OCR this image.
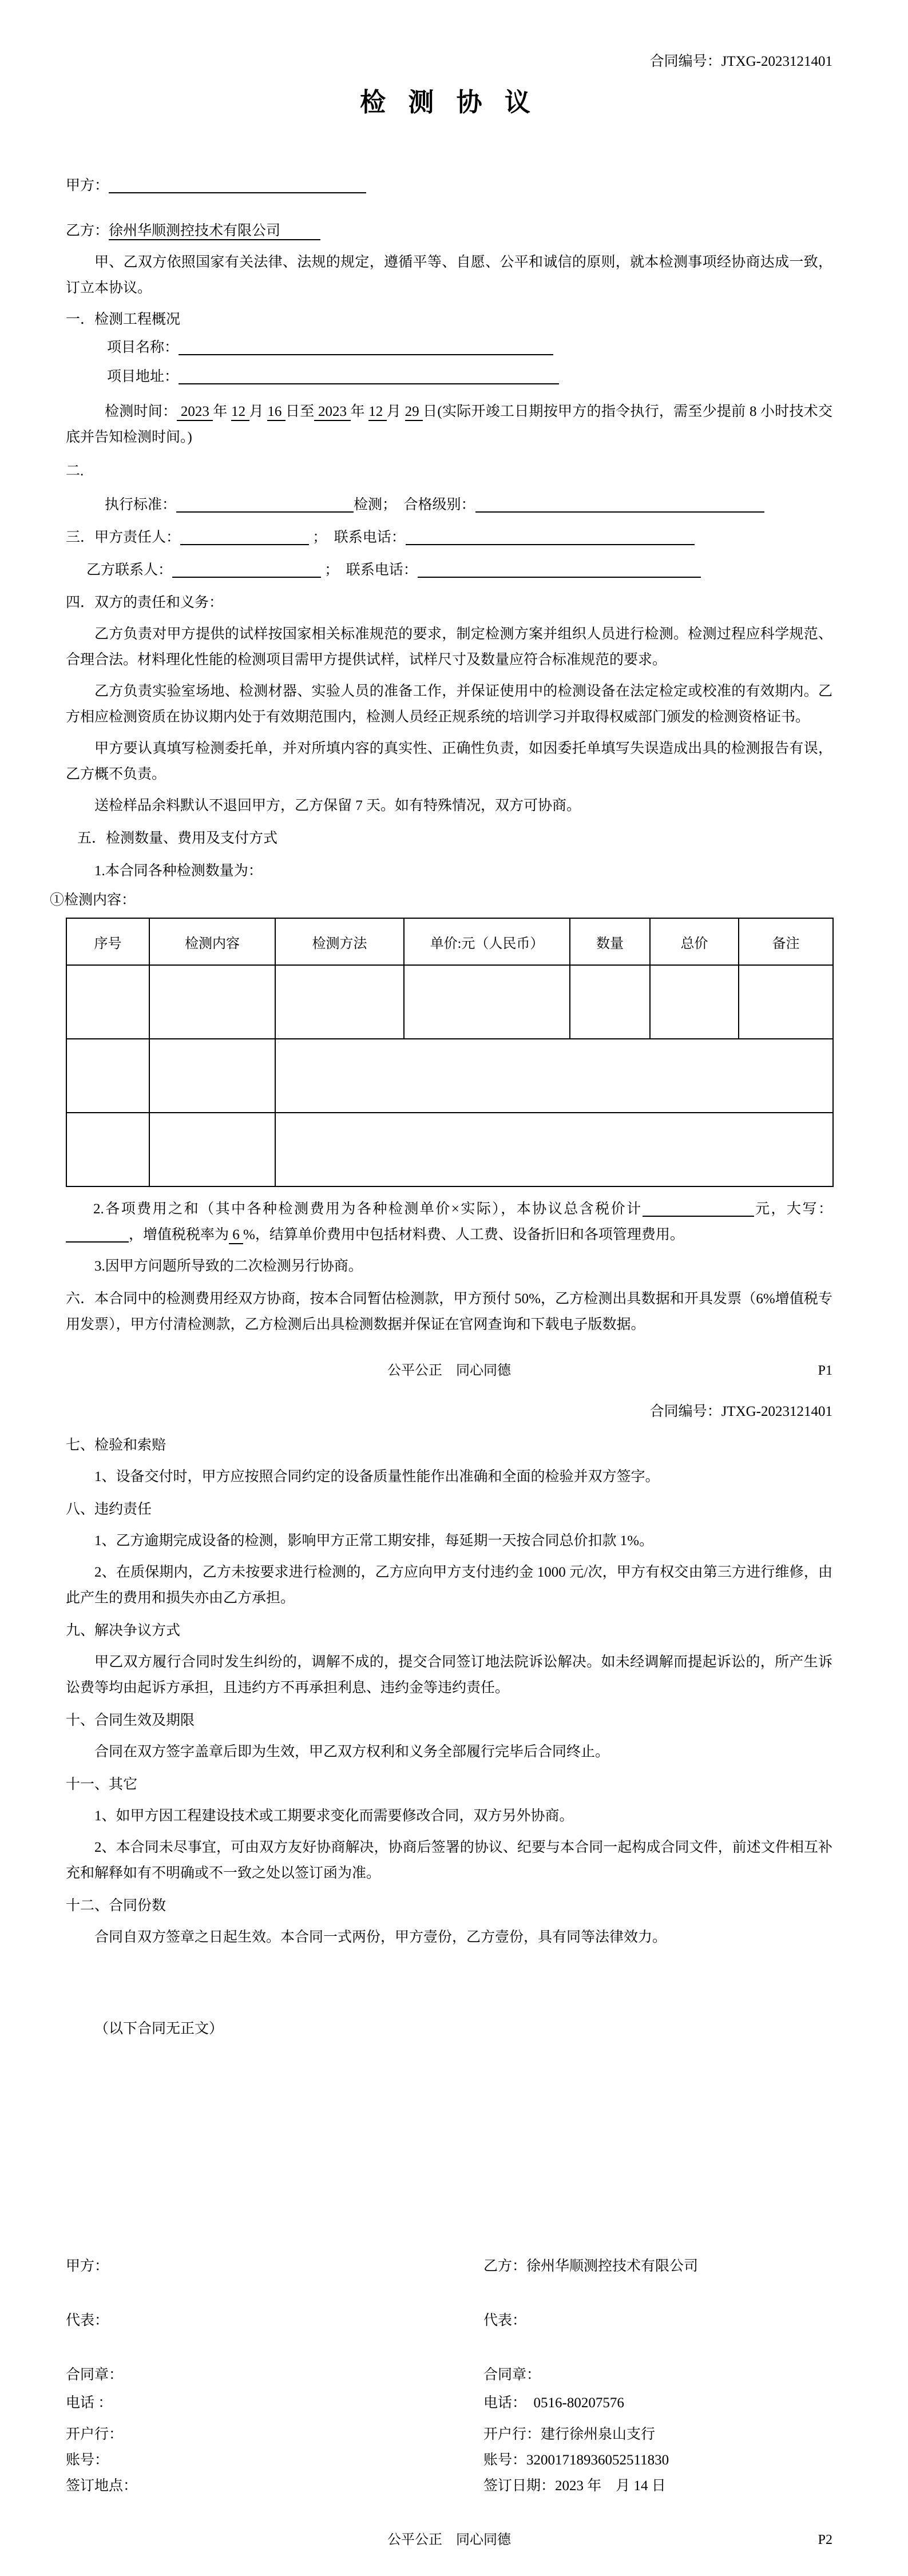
合同编号：JTXG-2023121401
检 测 协 议
甲方：
乙方：徐州华顺测控技术有限公司
甲、乙双方依照国家有关法律、法规的规定，遵循平等、自愿、公平和诚信的原则，就本检测事项经协商达成一致，订立本协议。
一．检测工程概况
项目名称：
项目地址：
检测时间： 2023 年 12 月 16 日至 2023 年 12 月 29 日(实际开竣工日期按甲方的指令执行，需至少提前 8 小时技术交底并告知检测时间。)
二.
执行标准：	检测；　合格级别：
三．甲方责任人：	；　联系电话：
乙方联系人：	；　联系电话：
四．双方的责任和义务：
乙方负责对甲方提供的试样按国家相关标准规范的要求，制定检测方案并组织人员进行检测。检测过程应科学规范、合理合法。材料理化性能的检测项目需甲方提供试样，试样尺寸及数量应符合标准规范的要求。
乙方负责实验室场地、检测材器、实验人员的准备工作，并保证使用中的检测设备在法定检定或校准的有效期内。乙方相应检测资质在协议期内处于有效期范围内，检测人员经正规系统的培训学习并取得权威部门颁发的检测资格证书。
甲方要认真填写检测委托单，并对所填内容的真实性、正确性负责，如因委托单填写失误造成出具的检测报告有误，乙方概不负责。
送检样品余料默认不退回甲方，乙方保留 7 天。如有特殊情况，双方可协商。
五．检测数量、费用及支付方式
1.本合同各种检测数量为：
①检测内容：
序号	检测内容	检测方法	单价:元（人民币）	数量	总价	备注

2.各项费用之和（其中各种检测费用为各种检测单价×实际），本协议总含税价计	元，大写：，增值税税率为 6 %，结算单价费用中包括材料费、人工费、设备折旧和各项管理费用。
3.因甲方问题所导致的二次检测另行协商。
六．本合同中的检测费用经双方协商，按本合同暂估检测款，甲方预付 50%，乙方检测出具数据和开具发票（6%增值税专用发票），甲方付清检测款，乙方检测后出具检测数据并保证在官网查询和下载电子版数据。
公平公正　同心同德	P1
合同编号：JTXG-2023121401
七、检验和索赔
1、设备交付时，甲方应按照合同约定的设备质量性能作出准确和全面的检验并双方签字。
八、违约责任
1、乙方逾期完成设备的检测，影响甲方正常工期安排，每延期一天按合同总价扣款 1%。
2、在质保期内，乙方未按要求进行检测的，乙方应向甲方支付违约金 1000 元/次，甲方有权交由第三方进行维修，由此产生的费用和损失亦由乙方承担。
九、解决争议方式
甲乙双方履行合同时发生纠纷的，调解不成的，提交合同签订地法院诉讼解决。如未经调解而提起诉讼的，所产生诉讼费等均由起诉方承担，且违约方不再承担利息、违约金等违约责任。
十、合同生效及期限
合同在双方签字盖章后即为生效，甲乙双方权利和义务全部履行完毕后合同终止。
十一、其它
1、如甲方因工程建设技术或工期要求变化而需要修改合同，双方另外协商。
2、本合同未尽事宜，可由双方友好协商解决，协商后签署的协议、纪要与本合同一起构成合同文件，前述文件相互补充和解释如有不明确或不一致之处以签订函为准。
十二、合同份数
合同自双方签章之日起生效。本合同一式两份，甲方壹份，乙方壹份，具有同等法律效力。
（以下合同无正文）
甲方：	乙方：徐州华顺测控技术有限公司
代表：	代表：
合同章：	合同章：
电话 ：	电话：　0516-80207576
开户行：	开户行：建行徐州泉山支行
账号：	账号：32001718936052511830
签订地点：	签订日期：2023 年　月 14 日
公平公正　同心同德	P2
